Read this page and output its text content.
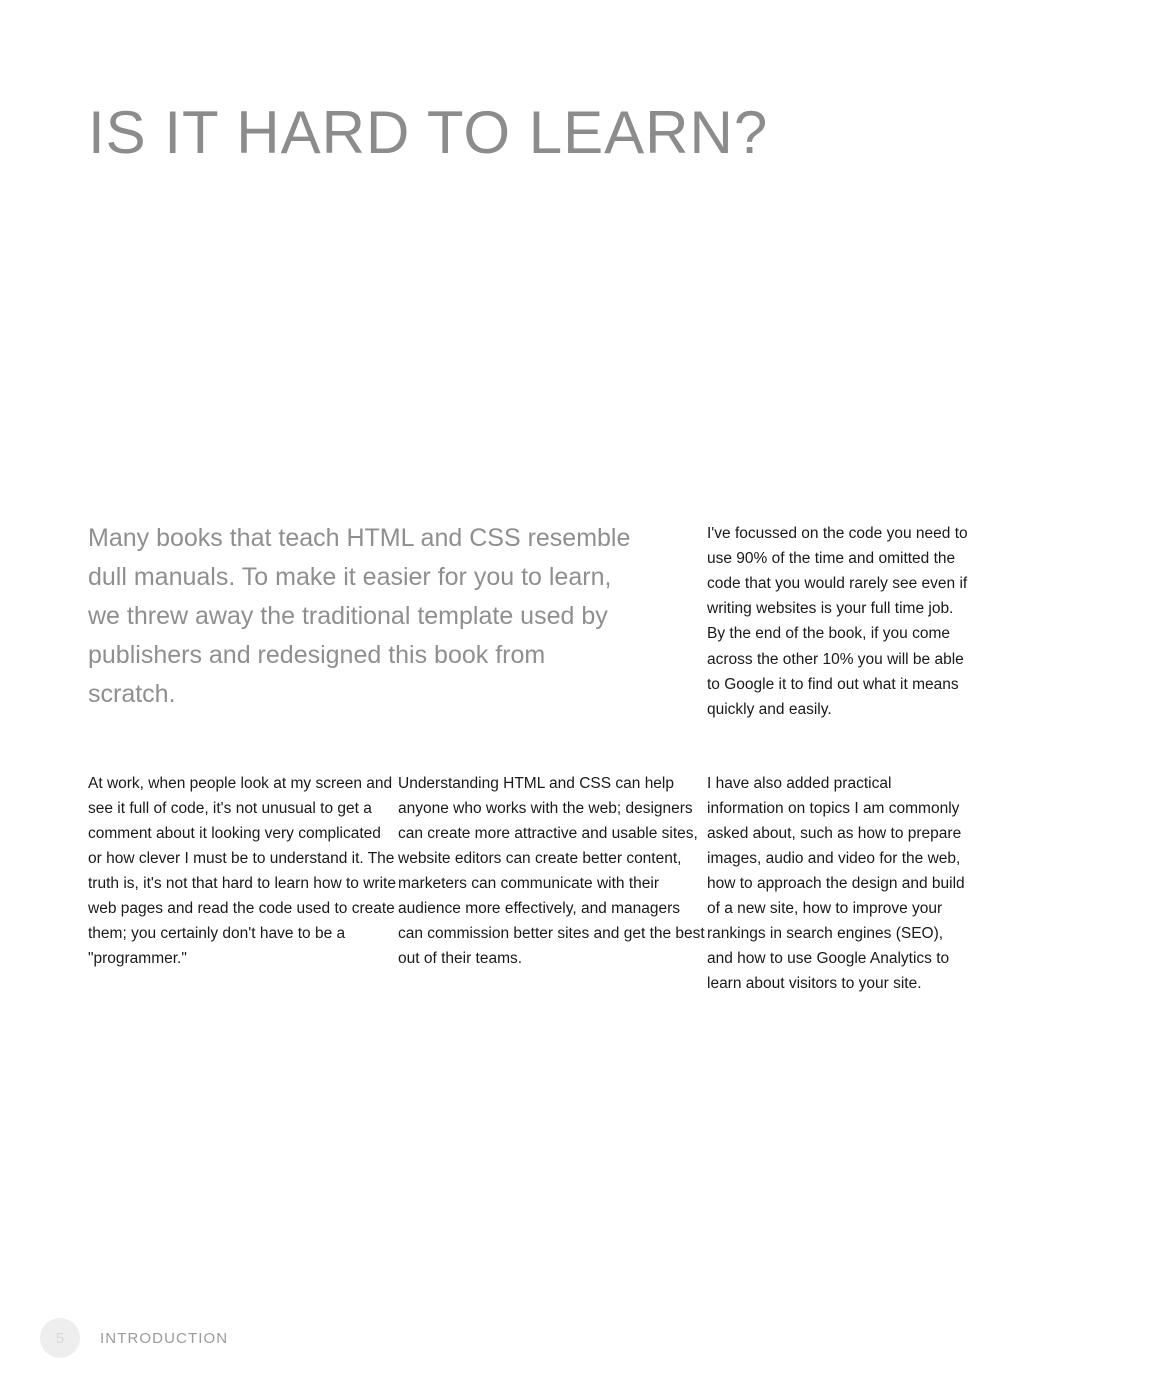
IS IT HARD TO LEARN?

Many books that teach HTML and CSS resemble dull manuals. To make it easier for you to learn, we threw away the traditional template used by publishers and redesigned this book from scratch.

I've focussed on the code you need to use 90% of the time and omitted the code that you would rarely see even if writing websites is your full time job. By the end of the book, if you come across the other 10% you will be able to Google it to find out what it means quickly and easily.

At work, when people look at my screen and see it full of code, it's not unusual to get a comment about it looking very complicated or how clever I must be to understand it. The truth is, it's not that hard to learn how to write web pages and read the code used to create them; you certainly don't have to be a "programmer."

Understanding HTML and CSS can help anyone who works with the web; designers can create more attractive and usable sites, website editors can create better content, marketers can communicate with their audience more effectively, and managers can commission better sites and get the best out of their teams.

I have also added practical information on topics I am commonly asked about, such as how to prepare images, audio and video for the web, how to approach the design and build of a new site, how to improve your rankings in search engines (SEO), and how to use Google Analytics to learn about visitors to your site.

5	INTRODUCTION
